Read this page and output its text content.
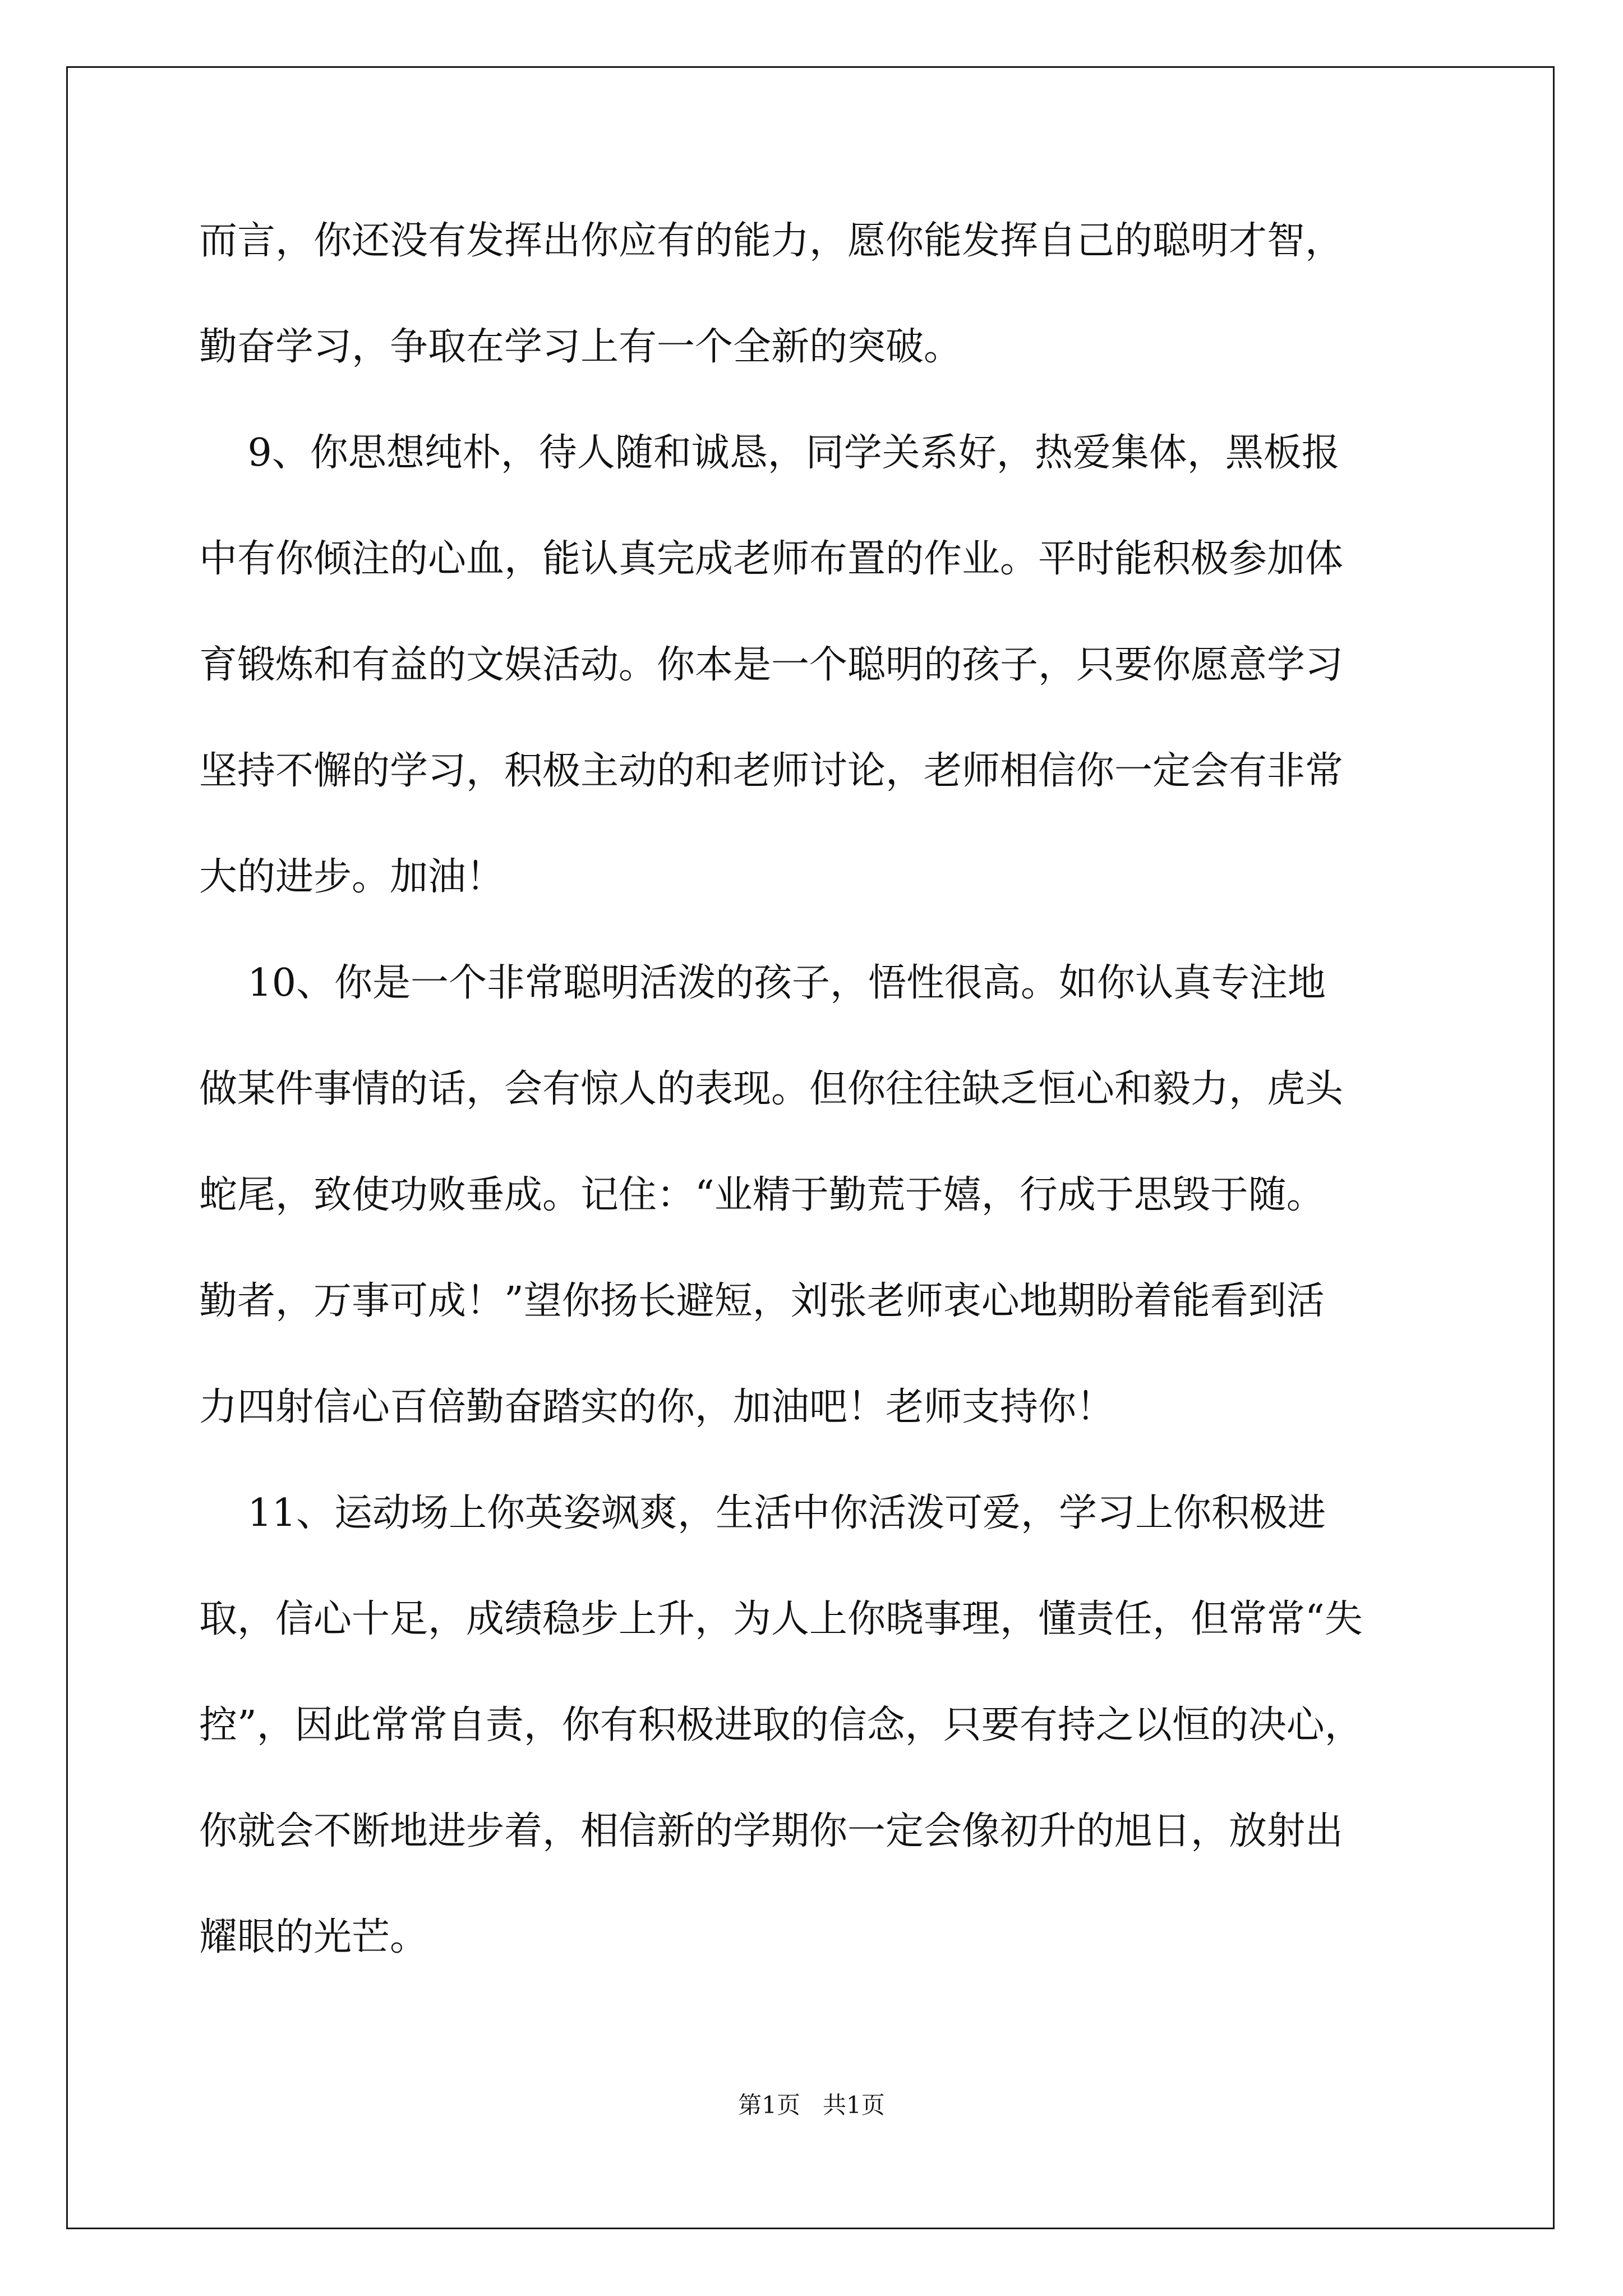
而言，你还没有发挥出你应有的能力，愿你能发挥自己的聪明才智，
勤奋学习，争取在学习上有一个全新的突破。
9、你思想纯朴，待人随和诚恳，同学关系好，热爱集体，黑板报
中有你倾注的心血，能认真完成老师布置的作业。平时能积极参加体
育锻炼和有益的文娱活动。你本是一个聪明的孩子，只要你愿意学习
坚持不懈的学习，积极主动的和老师讨论，老师相信你一定会有非常
大的进步。加油！
10、你是一个非常聪明活泼的孩子，悟性很高。如你认真专注地
做某件事情的话，会有惊人的表现。但你往往缺乏恒心和毅力，虎头
蛇尾，致使功败垂成。记住：“业精于勤荒于嬉，行成于思毁于随。
勤者，万事可成！”望你扬长避短，刘张老师衷心地期盼着能看到活
力四射信心百倍勤奋踏实的你，加油吧！老师支持你！
11、运动场上你英姿飒爽，生活中你活泼可爱，学习上你积极进
取，信心十足，成绩稳步上升，为人上你晓事理，懂责任，但常常“失
控”，因此常常自责，你有积极进取的信念，只要有持之以恒的决心，
你就会不断地进步着，相信新的学期你一定会像初升的旭日，放射出
耀眼的光芒。
第1页   共1页
